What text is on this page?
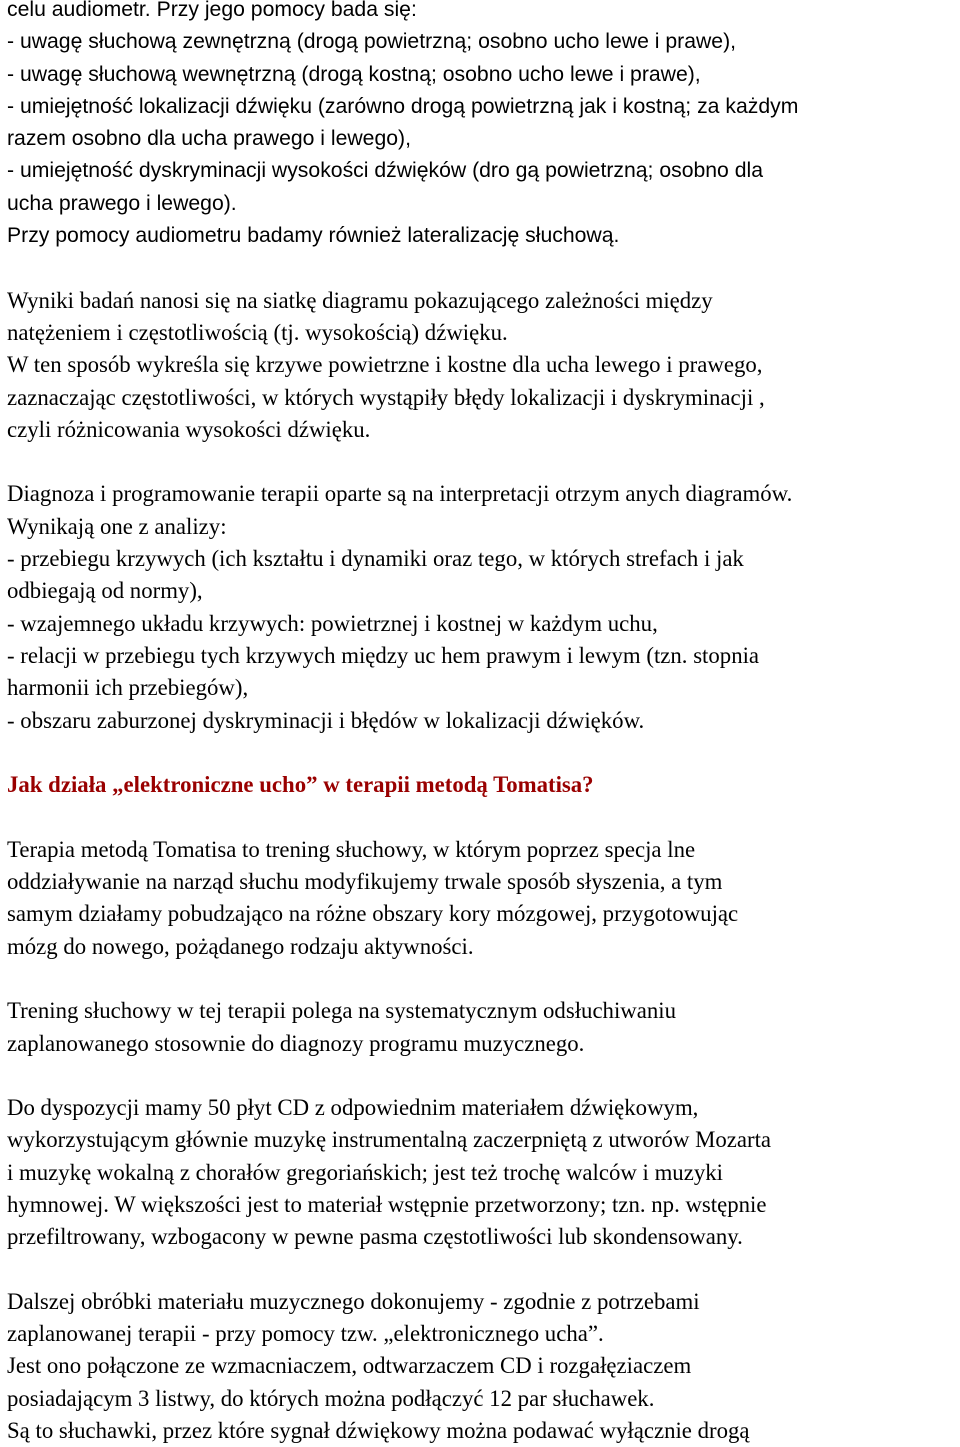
celu audiometr. Przy jego pomocy bada się:
- uwagę słuchową zewnętrzną (drogą powietrzną; osobno ucho lewe i prawe),
- uwagę słuchową wewnętrzną (drogą kostną; osobno ucho lewe i prawe),
- umiejętność lokalizacji dźwięku (zarówno drogą powietrzną jak i kostną; za każdym
razem osobno dla ucha prawego i lewego),
- umiejętność dyskryminacji wysokości dźwięków (dro gą powietrzną; osobno dla
ucha prawego i lewego).
Przy pomocy audiometru badamy również lateralizację słuchową.
Wyniki badań nanosi się na siatkę diagramu pokazującego zależności między
natężeniem i częstotliwością (tj. wysokością) dźwięku.
W ten sposób wykreśla się krzywe powietrzne i kostne dla ucha lewego i prawego,
zaznaczając częstotliwości, w których wystąpiły błędy lokalizacji i dyskryminacji ,
czyli różnicowania wysokości dźwięku.
Diagnoza i programowanie terapii oparte są na interpretacji otrzym anych diagramów.
Wynikają one z analizy:
- przebiegu krzywych (ich kształtu i dynamiki oraz tego, w których strefach i jak
odbiegają od normy),
- wzajemnego układu krzywych: powietrznej i kostnej w każdym uchu,
- relacji w przebiegu tych krzywych między uc hem prawym i lewym (tzn. stopnia
harmonii ich przebiegów),
- obszaru zaburzonej dyskryminacji i błędów w lokalizacji dźwięków.
Jak działa „elektroniczne ucho” w terapii metodą Tomatisa?
Terapia metodą Tomatisa to trening słuchowy, w którym poprzez specja lne
oddziaływanie na narząd słuchu modyfikujemy trwale sposób słyszenia, a tym
samym działamy pobudzająco na różne obszary kory mózgowej, przygotowując
mózg do nowego, pożądanego rodzaju aktywności.
Trening słuchowy w tej terapii polega na systematycznym odsłuchiwaniu
zaplanowanego stosownie do diagnozy programu muzycznego.
Do dyspozycji mamy 50 płyt CD z odpowiednim materiałem dźwiękowym,
wykorzystującym głównie muzykę instrumentalną zaczerpniętą z utworów Mozarta
i muzykę wokalną z chorałów gregoriańskich; jest też trochę walców i muzyki
hymnowej. W większości jest to materiał wstępnie przetworzony; tzn. np. wstępnie
przefiltrowany, wzbogacony w pewne pasma częstotliwości lub skondensowany.
Dalszej obróbki materiału muzycznego dokonujemy - zgodnie z potrzebami
zaplanowanej terapii - przy pomocy tzw. „elektronicznego ucha”.
Jest ono połączone ze wzmacniaczem, odtwarzaczem CD i rozgałęziaczem
posiadającym 3 listwy, do których można podłączyć 12 par słuchawek.
Są to słuchawki, przez które sygnał dźwiękowy można podawać wyłącznie drogą
